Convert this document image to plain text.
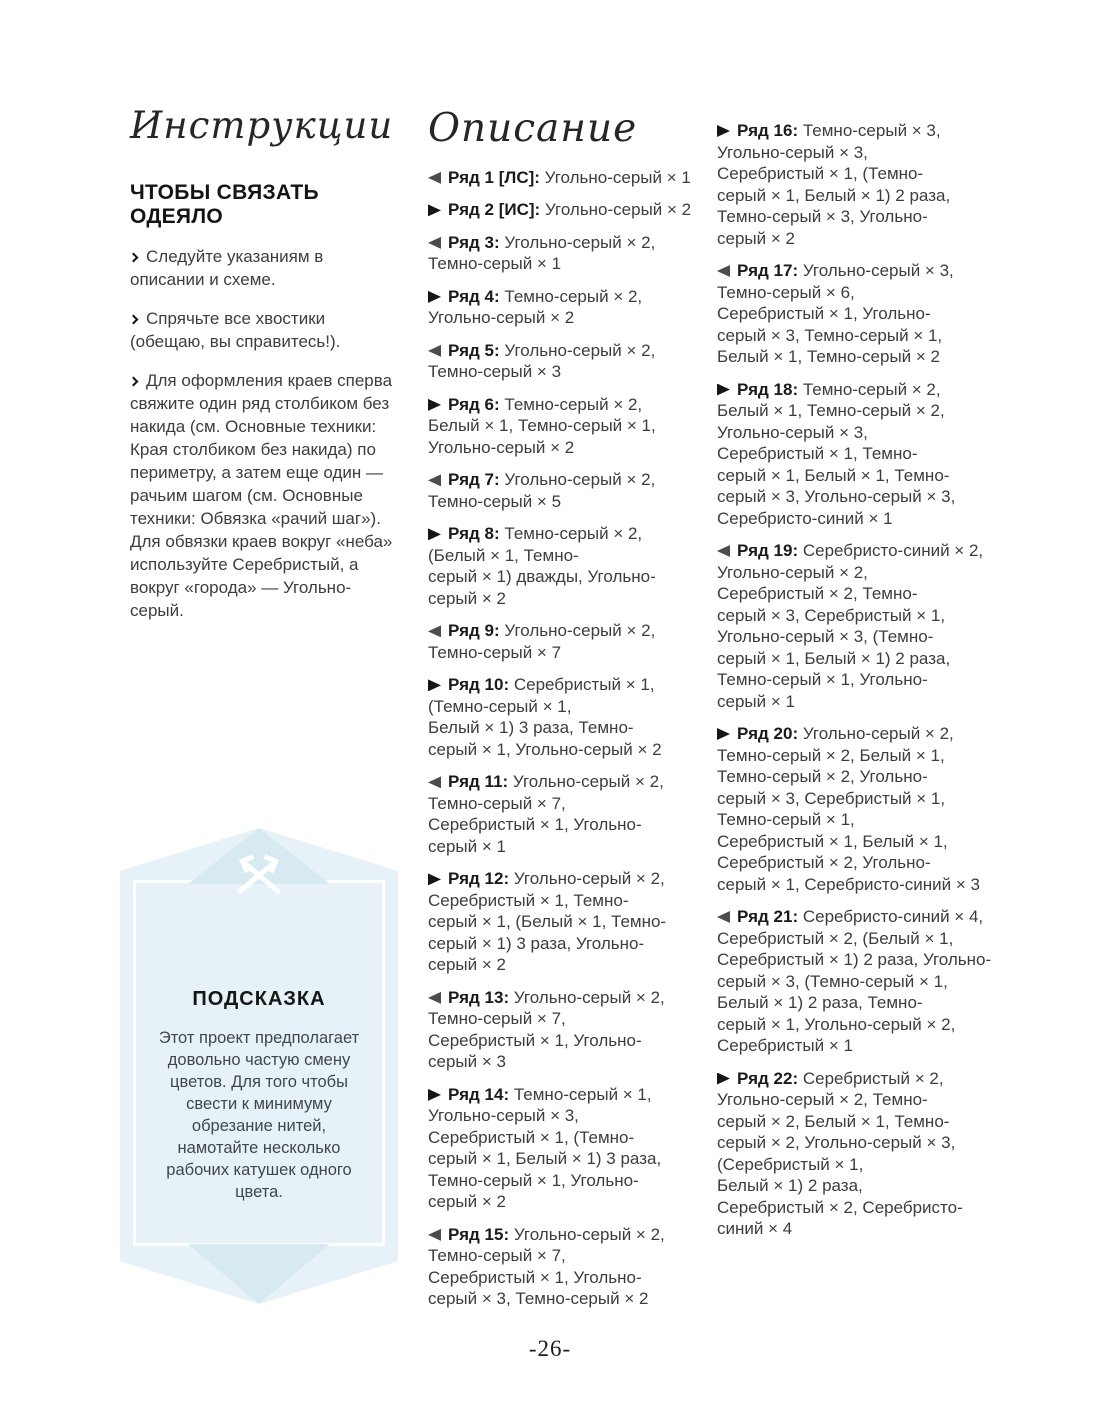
Инструкции
ЧТОБЫ СВЯЗАТЬ ОДЕЯЛО

Следуйте указаниям в описании и схеме.

Спрячьте все хвостики (обещаю, вы справитесь!).

Для оформления краев сперва свяжите один ряд столбиком без накида (см. Основные техники: Края столбиком без накида) по периметру, а затем еще один — рачьим шагом (см. Основные техники: Обвязка «рачий шаг»). Для обвязки краев вокруг «неба» используйте Серебристый, а вокруг «города» — Угольно-серый.

ПОДСКАЗКА

Этот проект предполагает довольно частую смену цветов. Для того чтобы свести к минимуму обрезание нитей, намотайте несколько рабочих катушек одного цвета.

Описание

Ряд 1 [ЛС]: Угольно-серый × 1

Ряд 2 [ИС]: Угольно-серый × 2

Ряд 3: Угольно-серый × 2, Темно-серый × 1

Ряд 4: Темно-серый × 2, Угольно-серый × 2

Ряд 5: Угольно-серый × 2, Темно-серый × 3

Ряд 6: Темно-серый × 2, Белый × 1, Темно-серый × 1, Угольно-серый × 2

Ряд 7: Угольно-серый × 2, Темно-серый × 5

Ряд 8: Темно-серый × 2, (Белый × 1, Темно-серый × 1) дважды, Угольно-серый × 2

Ряд 9: Угольно-серый × 2, Темно-серый × 7

Ряд 10: Серебристый × 1, (Темно-серый × 1, Белый × 1) 3 раза, Темно-серый × 1, Угольно-серый × 2

Ряд 11: Угольно-серый × 2, Темно-серый × 7, Серебристый × 1, Угольно-серый × 1

Ряд 12: Угольно-серый × 2, Серебристый × 1, Темно-серый × 1, (Белый × 1, Темно-серый × 1) 3 раза, Угольно-серый × 2

Ряд 13: Угольно-серый × 2, Темно-серый × 7, Серебристый × 1, Угольно-серый × 3

Ряд 14: Темно-серый × 1, Угольно-серый × 3, Серебристый × 1, (Темно-серый × 1, Белый × 1) 3 раза, Темно-серый × 1, Угольно-серый × 2

Ряд 15: Угольно-серый × 2, Темно-серый × 7, Серебристый × 1, Угольно-серый × 3, Темно-серый × 2

Ряд 16: Темно-серый × 3, Угольно-серый × 3, Серебристый × 1, (Темно-серый × 1, Белый × 1) 2 раза, Темно-серый × 3, Угольно-серый × 2

Ряд 17: Угольно-серый × 3, Темно-серый × 6, Серебристый × 1, Угольно-серый × 3, Темно-серый × 1, Белый × 1, Темно-серый × 2

Ряд 18: Темно-серый × 2, Белый × 1, Темно-серый × 2, Угольно-серый × 3, Серебристый × 1, Темно-серый × 1, Белый × 1, Темно-серый × 3, Угольно-серый × 3, Серебристо-синий × 1

Ряд 19: Серебристо-синий × 2, Угольно-серый × 2, Серебристый × 2, Темно-серый × 3, Серебристый × 1, Угольно-серый × 3, (Темно-серый × 1, Белый × 1) 2 раза, Темно-серый × 1, Угольно-серый × 1

Ряд 20: Угольно-серый × 2, Темно-серый × 2, Белый × 1, Темно-серый × 2, Угольно-серый × 3, Серебристый × 1, Темно-серый × 1, Серебристый × 1, Белый × 1, Серебристый × 2, Угольно-серый × 1, Серебристо-синий × 3

Ряд 21: Серебристо-синий × 4, Серебристый × 2, (Белый × 1, Серебристый × 1) 2 раза, Угольно-серый × 3, (Темно-серый × 1, Белый × 1) 2 раза, Темно-серый × 1, Угольно-серый × 2, Серебристый × 1

Ряд 22: Серебристый × 2, Угольно-серый × 2, Темно-серый × 2, Белый × 1, Темно-серый × 2, Угольно-серый × 3, (Серебристый × 1, Белый × 1) 2 раза, Серебристый × 2, Серебристо-синий × 4

-26-
